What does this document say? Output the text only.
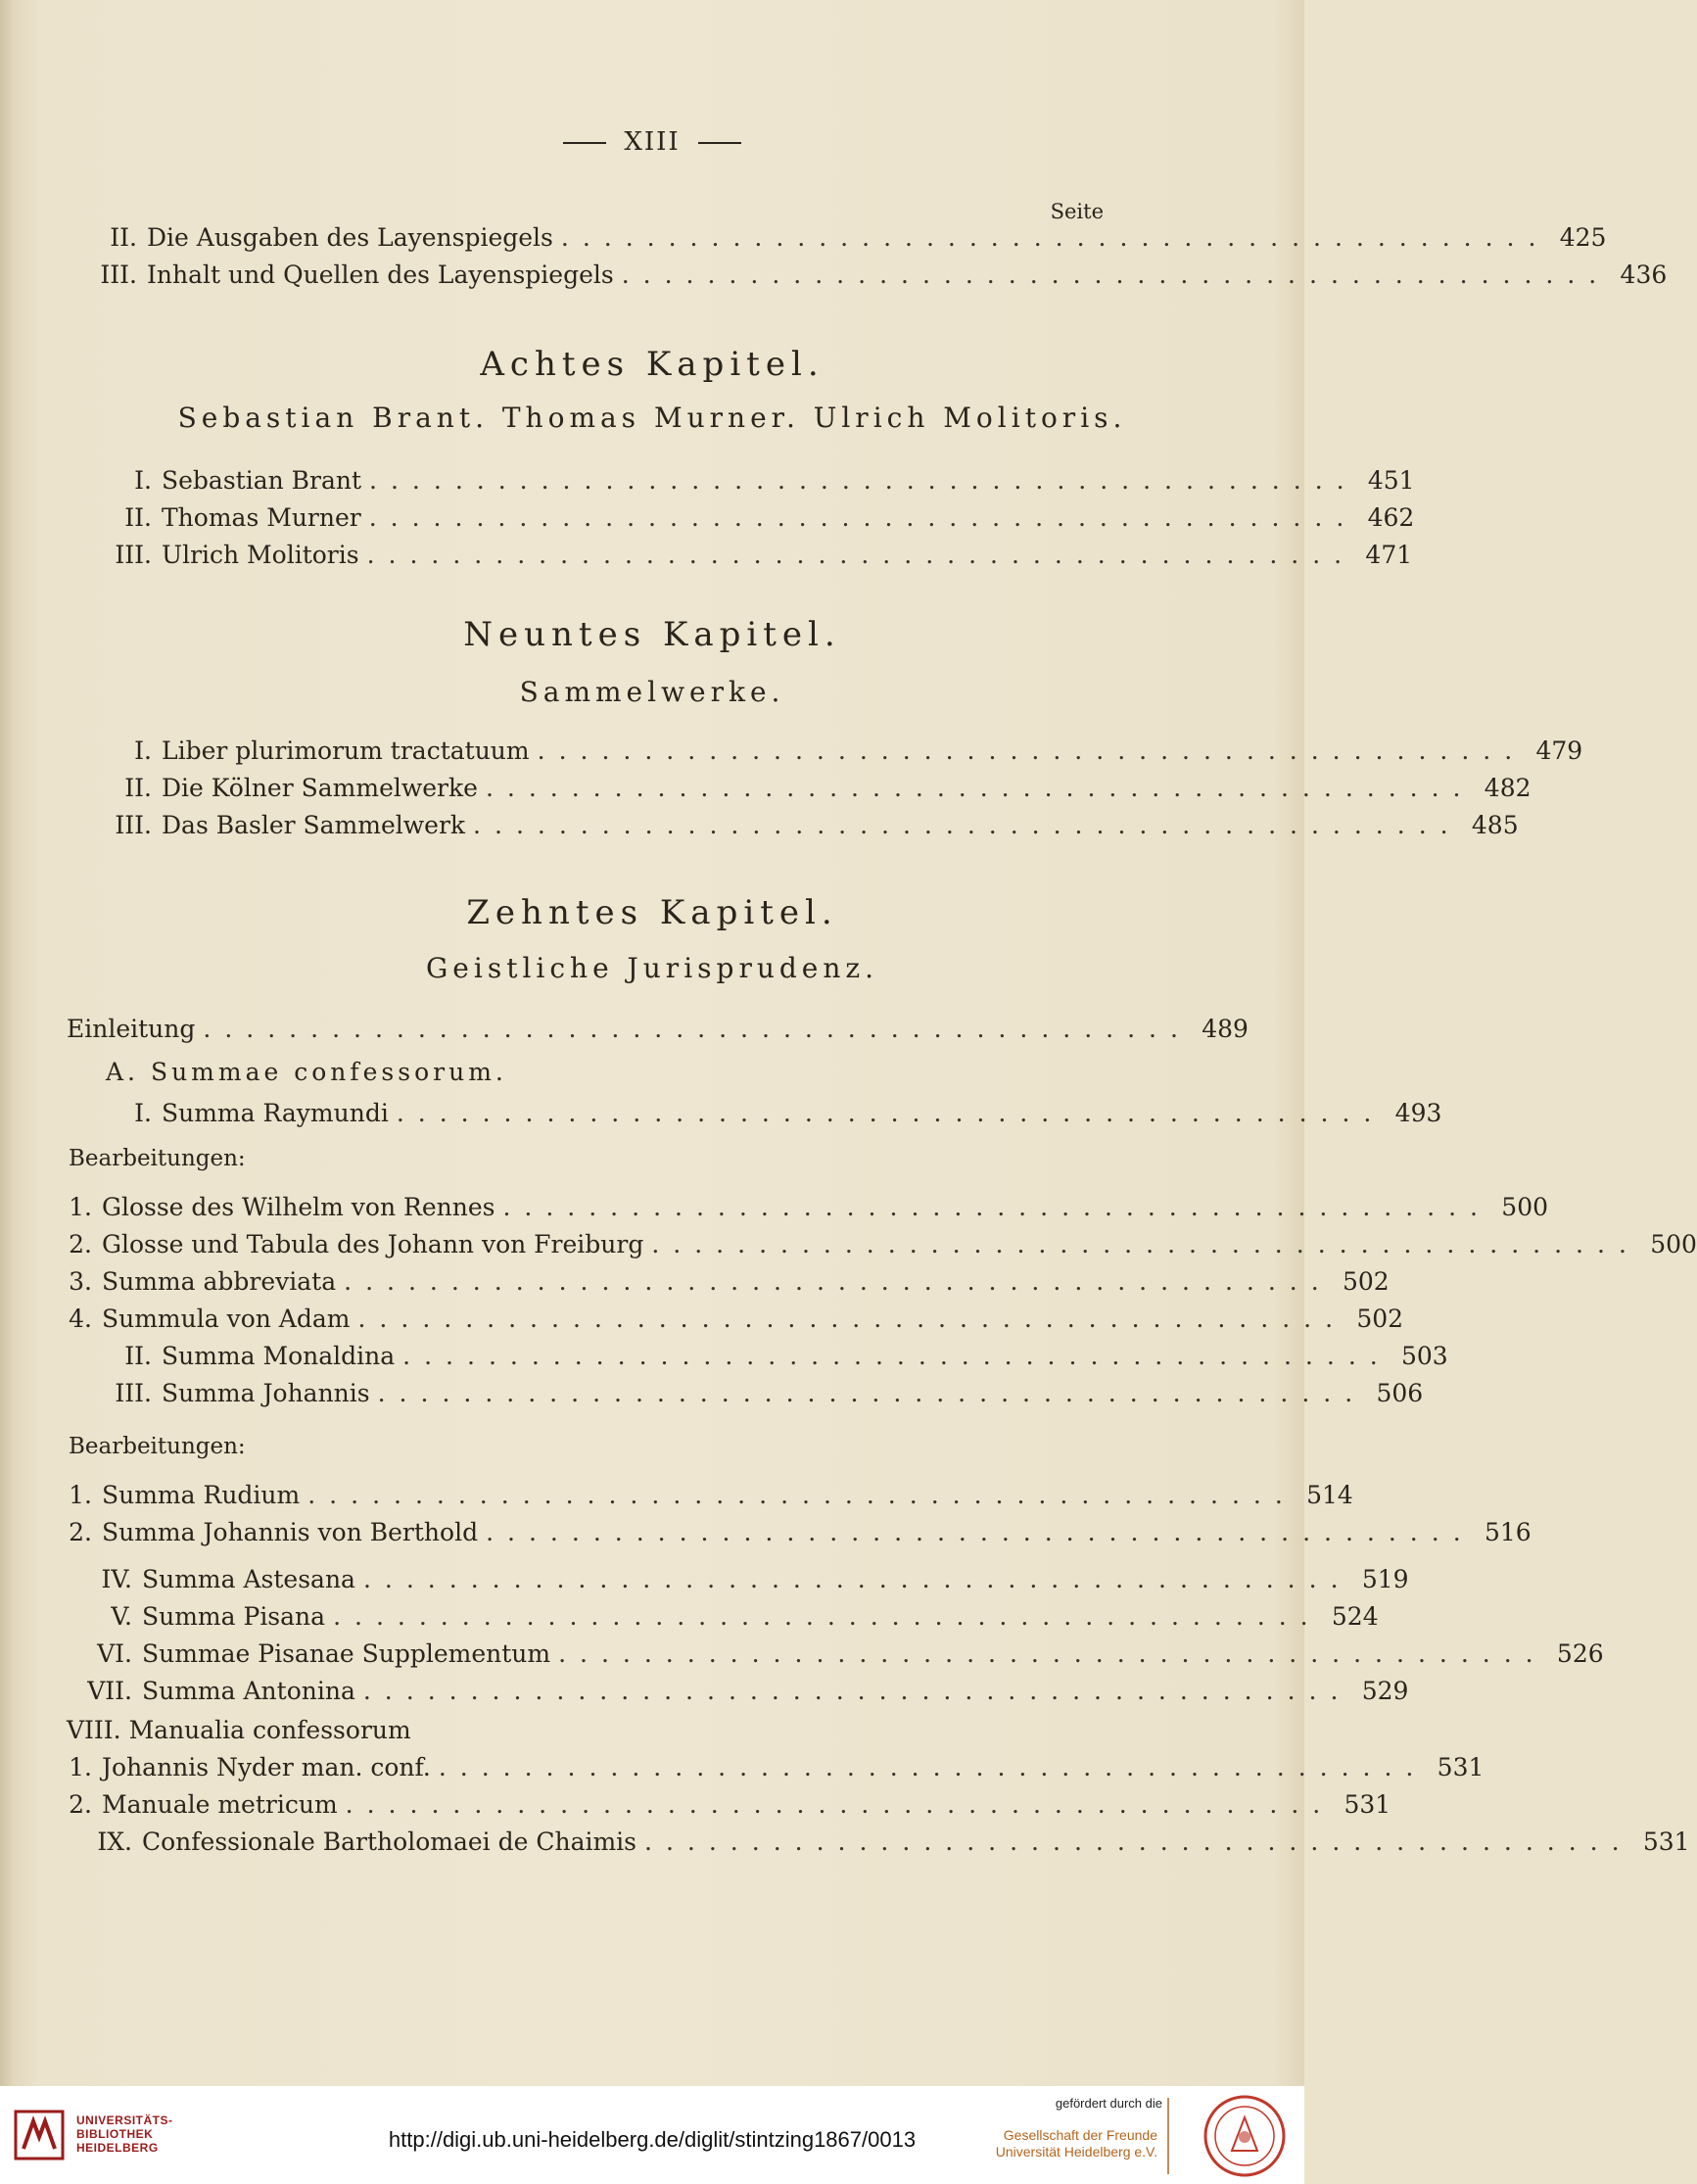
XIII
Seite
II. Die Ausgaben des Layenspiegels .............................................. 425
III. Inhalt und Quellen des Layenspiegels .............................................. 436
Achtes Kapitel.
Sebastian Brant. Thomas Murner. Ulrich Molitoris.
I. Sebastian Brant .............................................. 451
II. Thomas Murner .............................................. 462
III. Ulrich Molitoris .............................................. 471
Neuntes Kapitel.
Sammelwerke.
I. Liber plurimorum tractatuum .............................................. 479
II. Die Kölner Sammelwerke .............................................. 482
III. Das Basler Sammelwerk .............................................. 485
Zehntes Kapitel.
Geistliche Jurisprudenz.
Einleitung .............................................. 489
A. Summae confessorum.
I. Summa Raymundi .............................................. 493
Bearbeitungen:
1. Glosse des Wilhelm von Rennes .............................................. 500
2. Glosse und Tabula des Johann von Freiburg .............................................. 500
3. Summa abbreviata .............................................. 502
4. Summula von Adam .............................................. 502
II. Summa Monaldina .............................................. 503
III. Summa Johannis .............................................. 506
Bearbeitungen:
1. Summa Rudium .............................................. 514
2. Summa Johannis von Berthold .............................................. 516
IV. Summa Astesana .............................................. 519
V. Summa Pisana .............................................. 524
VI. Summae Pisanae Supplementum .............................................. 526
VII. Summa Antonina .............................................. 529
VIII. Manualia confessorum
1. Johannis Nyder man. conf. .............................................. 531
2. Manuale metricum .............................................. 531
IX. Confessionale Bartholomaei de Chaimis .............................................. 531
UNIVERSITÄTS-
BIBLIOTHEK
HEIDELBERG	http://digi.ub.uni-heidelberg.de/diglit/stintzing1867/0013
gefördert durch die
Gesellschaft der Freunde
Universität Heidelberg e.V.
